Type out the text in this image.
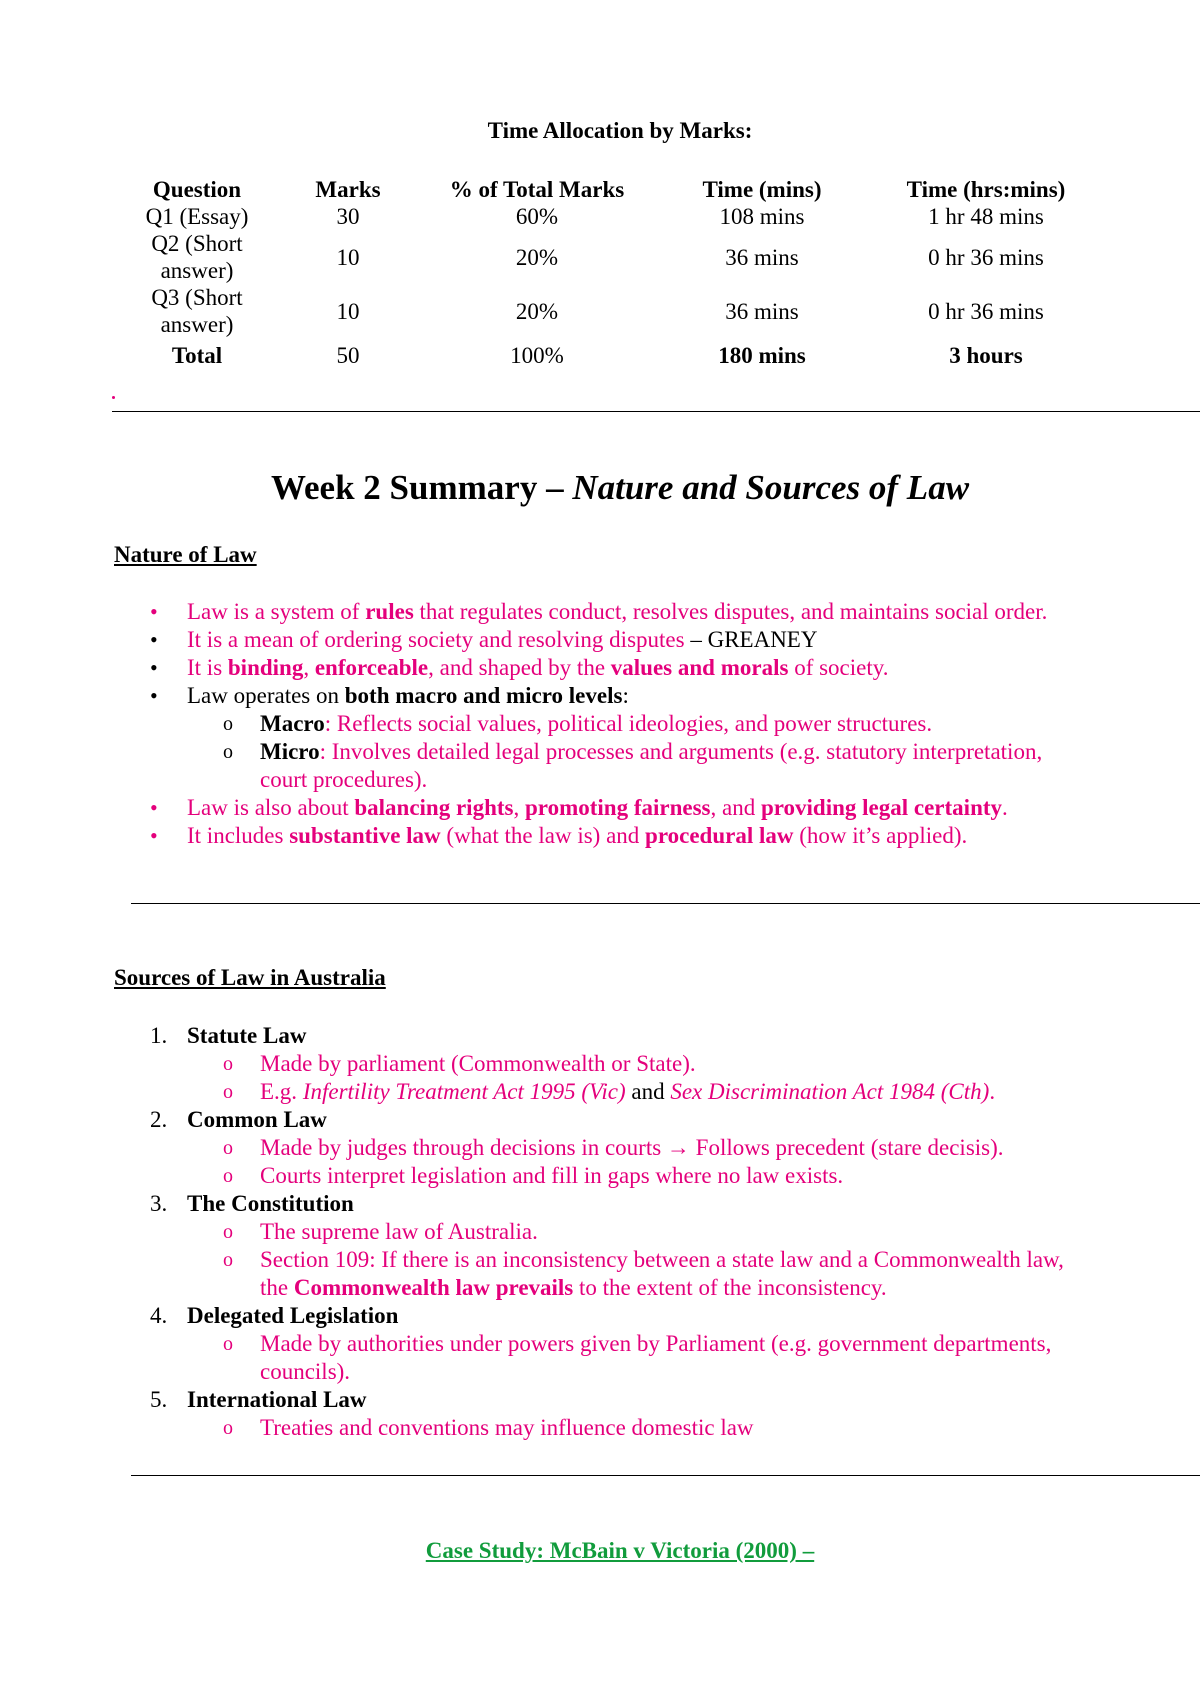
Time Allocation by Marks:
Question	Marks	% of Total Marks	Time (mins)	Time (hrs:mins)
Q1 (Essay)	30	60%	108 mins	1 hr 48 mins
Q2 (Short
answer)	10	20%	36 mins	0 hr 36 mins
Q3 (Short
answer)	10	20%	36 mins	0 hr 36 mins
Total	50	100%	180 mins	3 hours
Week 2 Summary – Nature and Sources of Law
Nature of Law
• Law is a system of rules that regulates conduct, resolves disputes, and maintains social order.
• It is a mean of ordering society and resolving disputes – GREANEY
• It is binding, enforceable, and shaped by the values and morals of society.
• Law operates on both macro and micro levels:
o Macro: Reflects social values, political ideologies, and power structures.
o Micro: Involves detailed legal processes and arguments (e.g. statutory interpretation, court procedures).
• Law is also about balancing rights, promoting fairness, and providing legal certainty.
• It includes substantive law (what the law is) and procedural law (how it’s applied).
Sources of Law in Australia
1. Statute Law
o Made by parliament (Commonwealth or State).
o E.g. Infertility Treatment Act 1995 (Vic) and Sex Discrimination Act 1984 (Cth).
2. Common Law
o Made by judges through decisions in courts → Follows precedent (stare decisis).
o Courts interpret legislation and fill in gaps where no law exists.
3. The Constitution
o The supreme law of Australia.
o Section 109: If there is an inconsistency between a state law and a Commonwealth law, the Commonwealth law prevails to the extent of the inconsistency.
4. Delegated Legislation
o Made by authorities under powers given by Parliament (e.g. government departments, councils).
5. International Law
o Treaties and conventions may influence domestic law
Case Study: McBain v Victoria (2000) –
